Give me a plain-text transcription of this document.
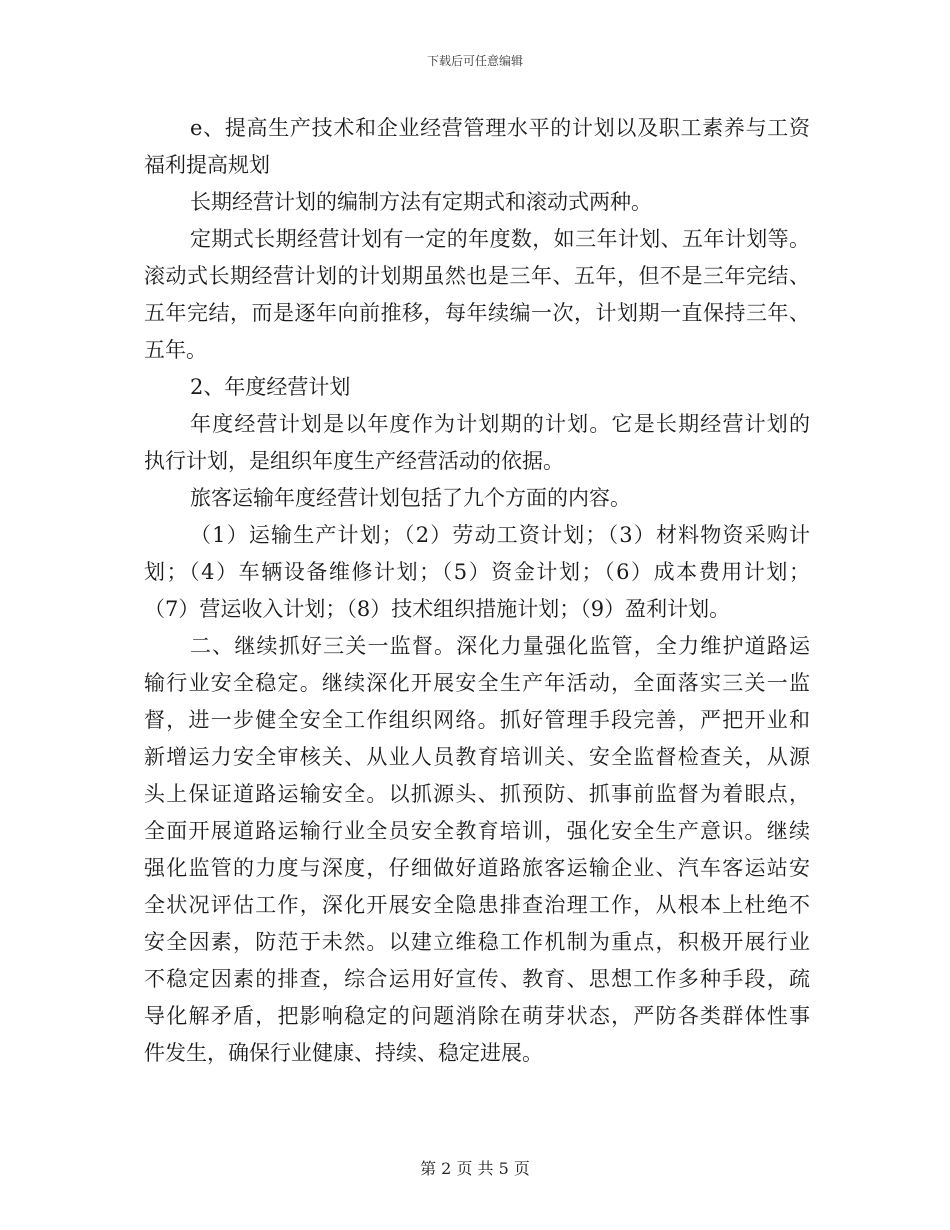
下载后可任意编辑
e、提高生产技术和企业经营管理水平的计划以及职工素养与工资
福利提高规划
长期经营计划的编制方法有定期式和滚动式两种。
定期式长期经营计划有一定的年度数，如三年计划、五年计划等。
滚动式长期经营计划的计划期虽然也是三年、五年，但不是三年完结、
五年完结，而是逐年向前推移，每年续编一次，计划期一直保持三年、
五年。
2、年度经营计划
年度经营计划是以年度作为计划期的计划。它是长期经营计划的
执行计划，是组织年度生产经营活动的依据。
旅客运输年度经营计划包括了九个方面的内容。
（1）运输生产计划；（2）劳动工资计划；（3）材料物资采购计
划；（4）车辆设备维修计划；（5）资金计划；（6）成本费用计划；
（7）营运收入计划；（8）技术组织措施计划；（9）盈利计划。
二、继续抓好三关一监督。深化力量强化监管，全力维护道路运
输行业安全稳定。继续深化开展安全生产年活动，全面落实三关一监
督，进一步健全安全工作组织网络。抓好管理手段完善，严把开业和
新增运力安全审核关、从业人员教育培训关、安全监督检查关，从源
头上保证道路运输安全。以抓源头、抓预防、抓事前监督为着眼点，
全面开展道路运输行业全员安全教育培训，强化安全生产意识。继续
强化监管的力度与深度，仔细做好道路旅客运输企业、汽车客运站安
全状况评估工作，深化开展安全隐患排查治理工作，从根本上杜绝不
安全因素，防范于未然。以建立维稳工作机制为重点，积极开展行业
不稳定因素的排查，综合运用好宣传、教育、思想工作多种手段，疏
导化解矛盾，把影响稳定的问题消除在萌芽状态，严防各类群体性事
件发生，确保行业健康、持续、稳定进展。
第 2 页 共 5 页
